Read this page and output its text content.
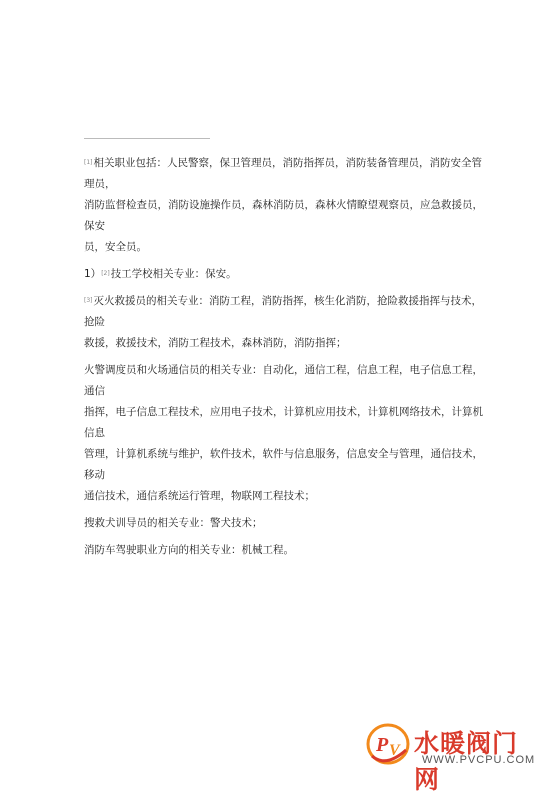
[1]相关职业包括：人民警察，保卫管理员，消防指挥员，消防装备管理员，消防安全管理员，

消防监督检查员，消防设施操作员，森林消防员，森林火情瞭望观察员，应急救援员，保安

员，安全员。

1）[2]技工学校相关专业：保安。

[3]灭火救援员的相关专业：消防工程，消防指挥，核生化消防，抢险救援指挥与技术，抢险

救援，救援技术，消防工程技术，森林消防，消防指挥；

火警调度员和火场通信员的相关专业：自动化，通信工程，信息工程，电子信息工程，通信

指挥，电子信息工程技术，应用电子技术，计算机应用技术，计算机网络技术，计算机信息

管理，计算机系统与维护，软件技术，软件与信息服务，信息安全与管理，通信技术，移动

通信技术，通信系统运行管理，物联网工程技术；

搜救犬训导员的相关专业：警犬技术；

消防车驾驶职业方向的相关专业：机械工程。

P V 水暖阀门网
WWW.PVCPU.COM
